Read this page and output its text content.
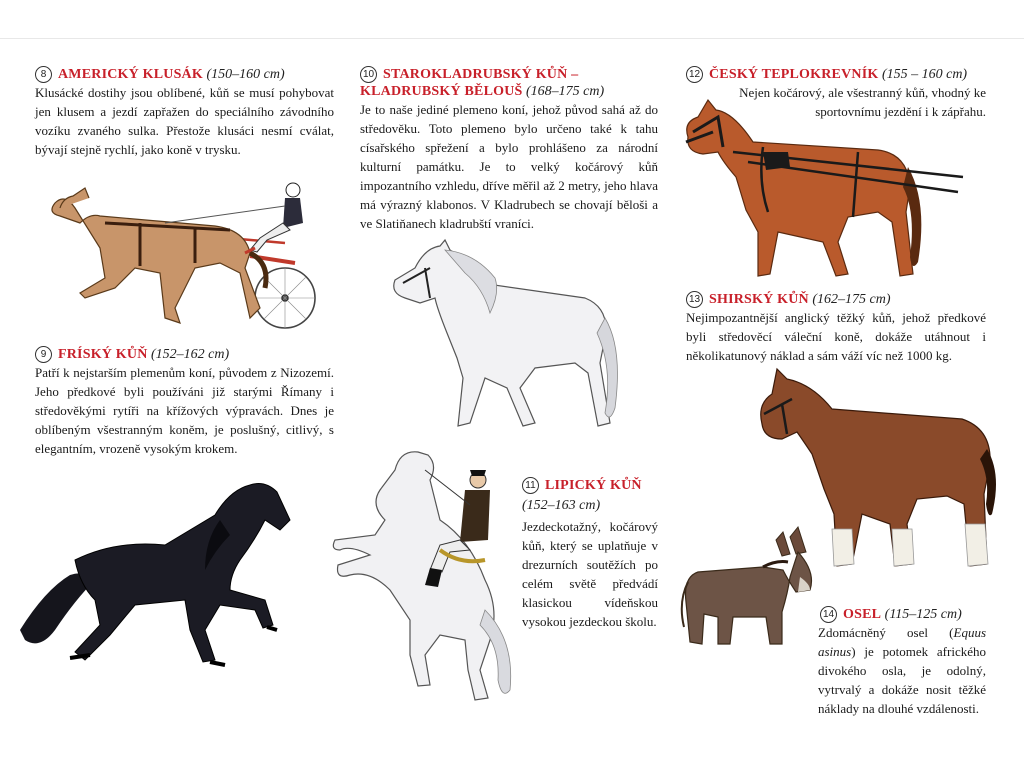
8 AMERICKÝ KLUSÁK (150–160 cm)

Klusácké dostihy jsou oblíbené, kůň se musí pohybovat jen klusem a jezdí zapřažen do speciálního závodního vozíku zvaného sulka. Přestože klusáci nesmí cválat, bývají stejně rychlí, jako koně v trysku.

9 FRÍSKÝ KŮŇ (152–162 cm)

Patří k nejstarším plemenům koní, původem z Nizozemí. Jeho předkové byli používáni již starými Římany i středověkými rytíři na křížových výpravách. Dnes je oblíbeným všestranným koněm, je poslušný, citlivý, s elegantním, vrozeně vysokým krokem.

10 STAROKLADRUBSKÝ KŮŇ –
KLADRUBSKÝ BĚLOUŠ (168–175 cm)

Je to naše jediné plemeno koní, jehož původ sahá až do středověku. Toto plemeno bylo určeno také k tahu císařského spřežení a bylo prohlášeno za národní kulturní památku. Je to velký kočárový kůň impozantního vzhledu, dříve měřil až 2 metry, jeho hlava má výrazný klabonos. V Kladrubech se chovají běloši a ve Slatiňanech kladrubští vraníci.

11 LIPICKÝ KŮŇ
(152–163 cm)

Jezdeckotažný, kočárový kůň, který se uplatňuje v drezurních soutěžích po celém světě předvádí klasickou vídeňskou vysokou jezdeckou školu.

12 ČESKÝ TEPLOKREVNÍK (155 – 160 cm)

Nejen kočárový, ale všestranný kůň, vhodný ke sportovnímu jezdění i k zápřahu.

13 SHIRSKÝ KŮŇ (162–175 cm)

Nejimpozantnější anglický těžký kůň, jehož předkové byli středověcí váleční koně, dokáže utáhnout i několikatunový náklad a sám váží víc než 1000 kg.

14 OSEL (115–125 cm)

Zdomácněný osel (Equus asinus) je potomek afrického divokého osla, je odolný, vytrvalý a dokáže nosit těžké náklady na dlouhé vzdálenosti.
